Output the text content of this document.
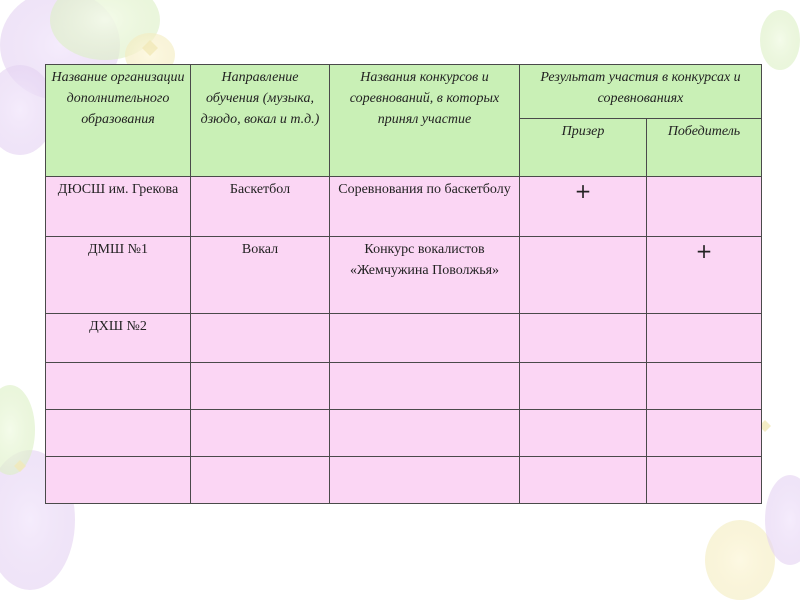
Название организации дополнительного образования	Направление обучения (музыка, дзюдо, вокал и т.д.)	Названия конкурсов и соревнований, в которых принял участие	Результат участия в конкурсах и соревнованиях	
			Призер	Победитель
ДЮСШ им. Грекова	Баскетбол	Соревнования по баскетболу	+	
ДМШ №1	Вокал	Конкурс вокалистов «Жемчужина Поволжья»		+
ДХШ №2				
